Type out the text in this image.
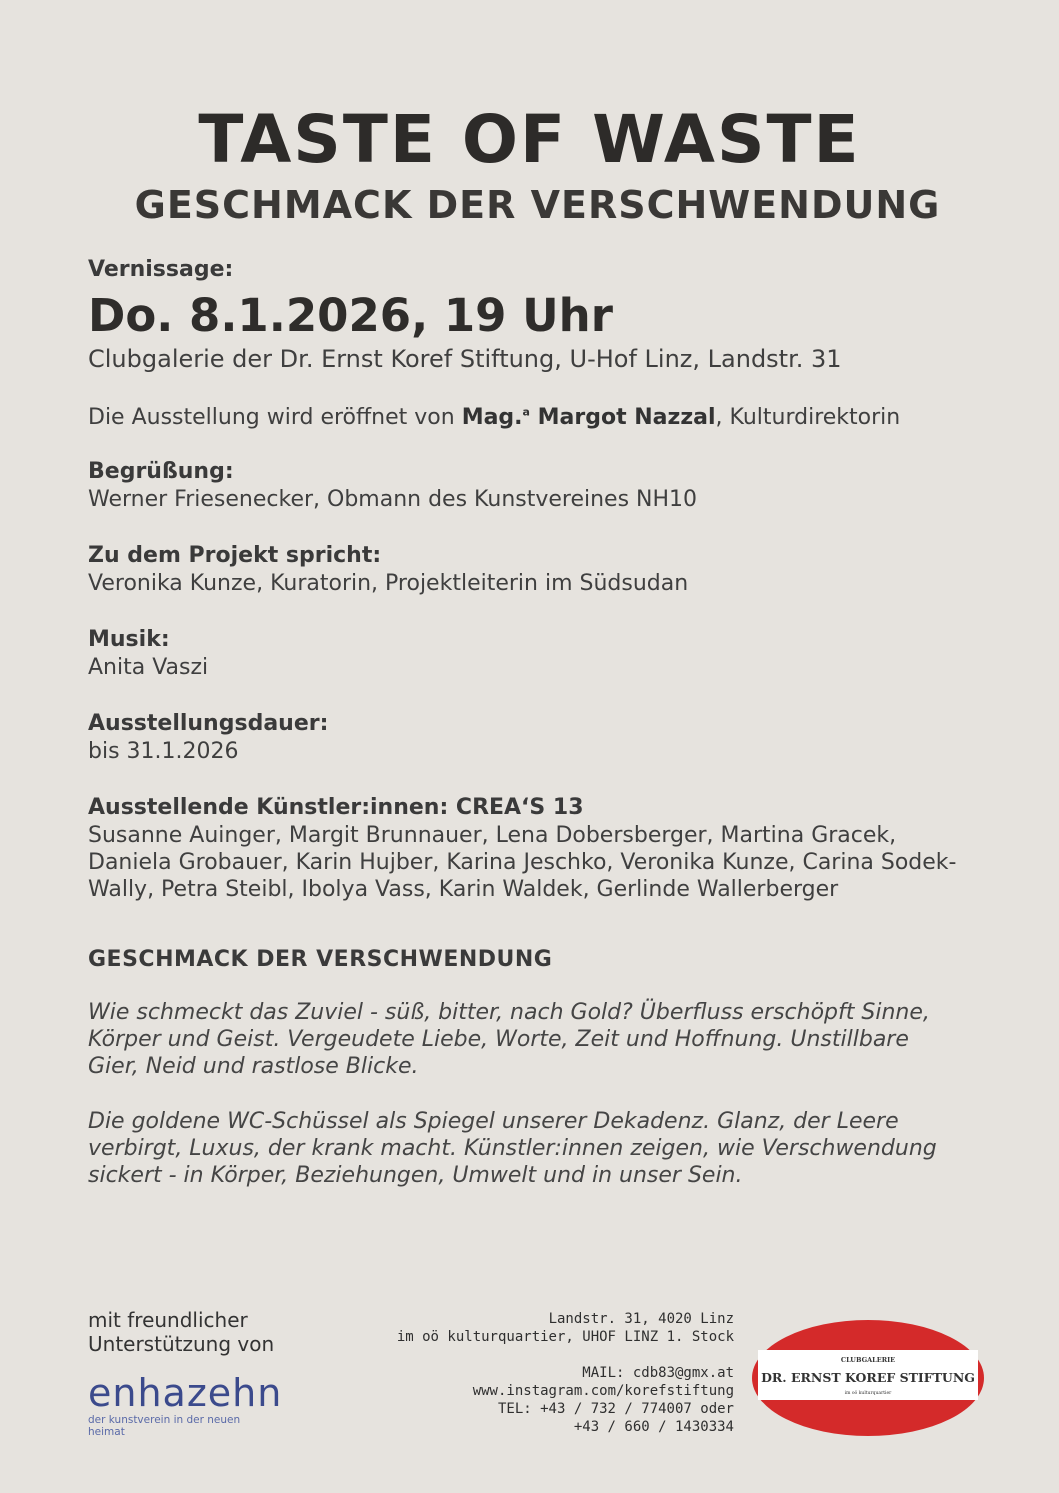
TASTE OF WASTE
GESCHMACK DER VERSCHWENDUNG
Vernissage:
Do. 8.1.2026, 19 Uhr
Clubgalerie der Dr. Ernst Koref Stiftung, U-Hof Linz, Landstr. 31
Die Ausstellung wird eröffnet von Mag.$^a$ Margot Nazzal, Kulturdirektorin
Begrüßung:
Werner Friesenecker, Obmann des Kunstvereines NH10
Zu dem Projekt spricht:
Veronika Kunze, Kuratorin, Projektleiterin im Südsudan
Musik:
Anita Vaszi
Ausstellungsdauer:
bis 31.1.2026
Ausstellende Künstler:innen: CREA‘S 13
Susanne Auinger, Margit Brunnauer, Lena Dobersberger, Martina Gracek,
Daniela Grobauer, Karin Hujber, Karina Jeschko, Veronika Kunze, Carina Sodek-
Wally, Petra Steibl, Ibolya Vass, Karin Waldek, Gerlinde Wallerberger
GESCHMACK DER VERSCHWENDUNG
Wie schmeckt das Zuviel - süß, bitter, nach Gold? Überfluss erschöpft Sinne,
Körper und Geist. Vergeudete Liebe, Worte, Zeit und Hoffnung. Unstillbare
Gier, Neid und rastlose Blicke.
Die goldene WC-Schüssel als Spiegel unserer Dekadenz. Glanz, der Leere
verbirgt, Luxus, der krank macht. Künstler:innen zeigen, wie Verschwendung
sickert - in Körper, Beziehungen, Umwelt und in unser Sein.
mit freundlicher
Unterstützung von
enhazehn
der kunstverein in der neuen heimat
Landstr. 31, 4020 Linz
im oö kulturquartier, UHOF LINZ 1. Stock
MAIL: cdb83@gmx.at
www.instagram.com/korefstiftung
TEL: +43 / 732 / 774007 oder
+43 / 660 / 1430334
CLUBGALERIE
DR. ERNST KOREF STIFTUNG
im oö kulturquartier
